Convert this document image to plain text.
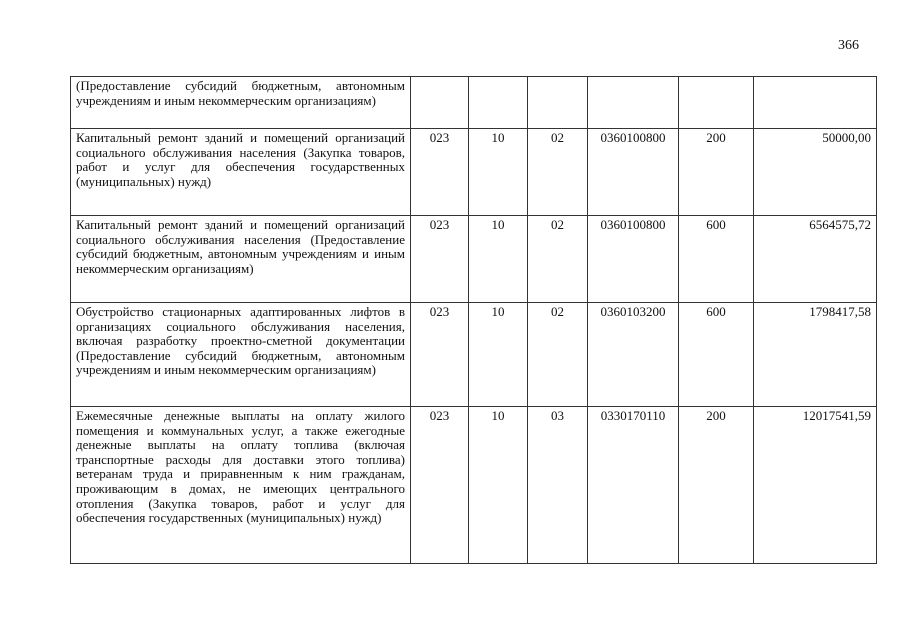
366
(Предоставление субсидий бюджетным, автономным учреждениям и иным некоммерческим организациям)						
Капитальный ремонт зданий и помещений организаций социального обслуживания населения (Закупка товаров, работ и услуг для обеспечения государственных (муниципальных) нужд)	023	10	02	0360100800	200	50000,00
Капитальный ремонт зданий и помещений организаций социального обслуживания населения (Предоставление субсидий бюджетным, автономным учреждениям и иным некоммерческим организациям)	023	10	02	0360100800	600	6564575,72
Обустройство стационарных адаптированных лифтов в организациях социального обслуживания населения, включая разработку проектно-сметной документации (Предоставление субсидий бюджетным, автономным учреждениям и иным некоммерческим организациям)	023	10	02	0360103200	600	1798417,58
Ежемесячные денежные выплаты на оплату жилого помещения и коммунальных услуг, а также ежегодные денежные выплаты на оплату топлива (включая транспортные расходы для доставки этого топлива) ветеранам труда и приравненным к ним гражданам, проживающим в домах, не имеющих центрального отопления (Закупка товаров, работ и услуг для обеспечения государственных (муниципальных) нужд)	023	10	03	0330170110	200	12017541,59
